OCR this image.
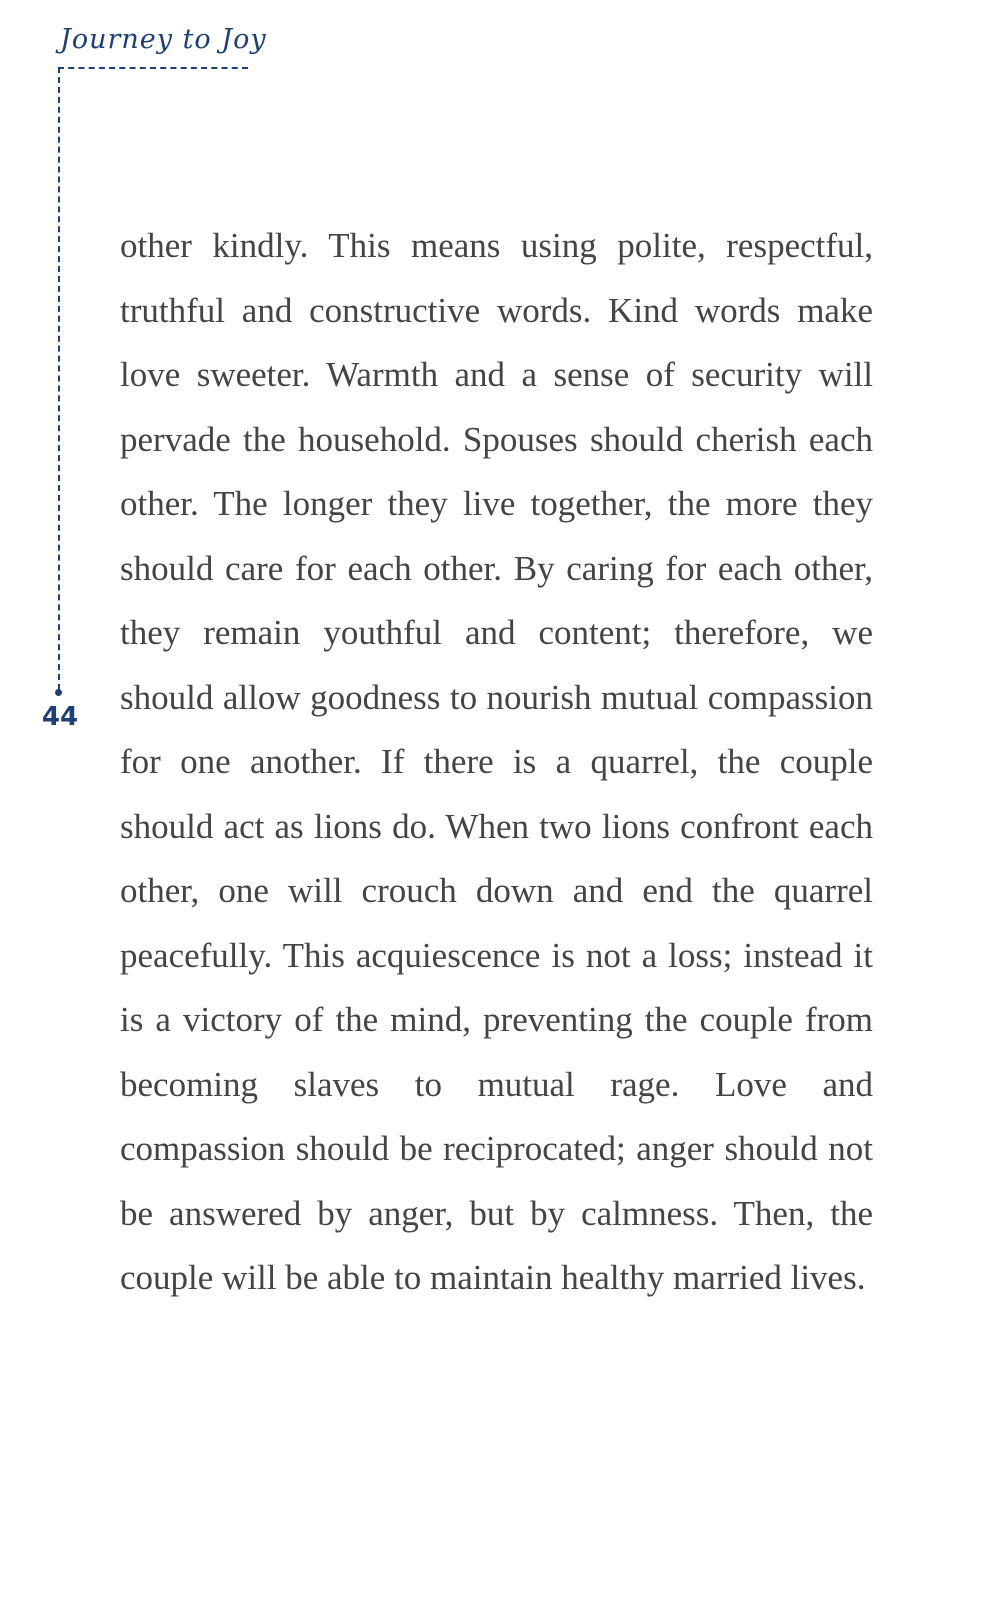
Journey to Joy
44

other kindly. This means using polite, respectful, truthful and constructive words. Kind words make love sweeter. Warmth and a sense of security will pervade the household. Spouses should cherish each other. The longer they live together, the more they should care for each other. By caring for each other, they remain youthful and content; therefore, we should allow goodness to nourish mutual compassion for one another. If there is a quarrel, the couple should act as lions do. When two lions confront each other, one will crouch down and end the quarrel peacefully. This acquiescence is not a loss; instead it is a victory of the mind, preventing the couple from becoming slaves to mutual rage. Love and compassion should be reciprocated; anger should not be answered by anger, but by calmness. Then, the couple will be able to maintain healthy married lives.
